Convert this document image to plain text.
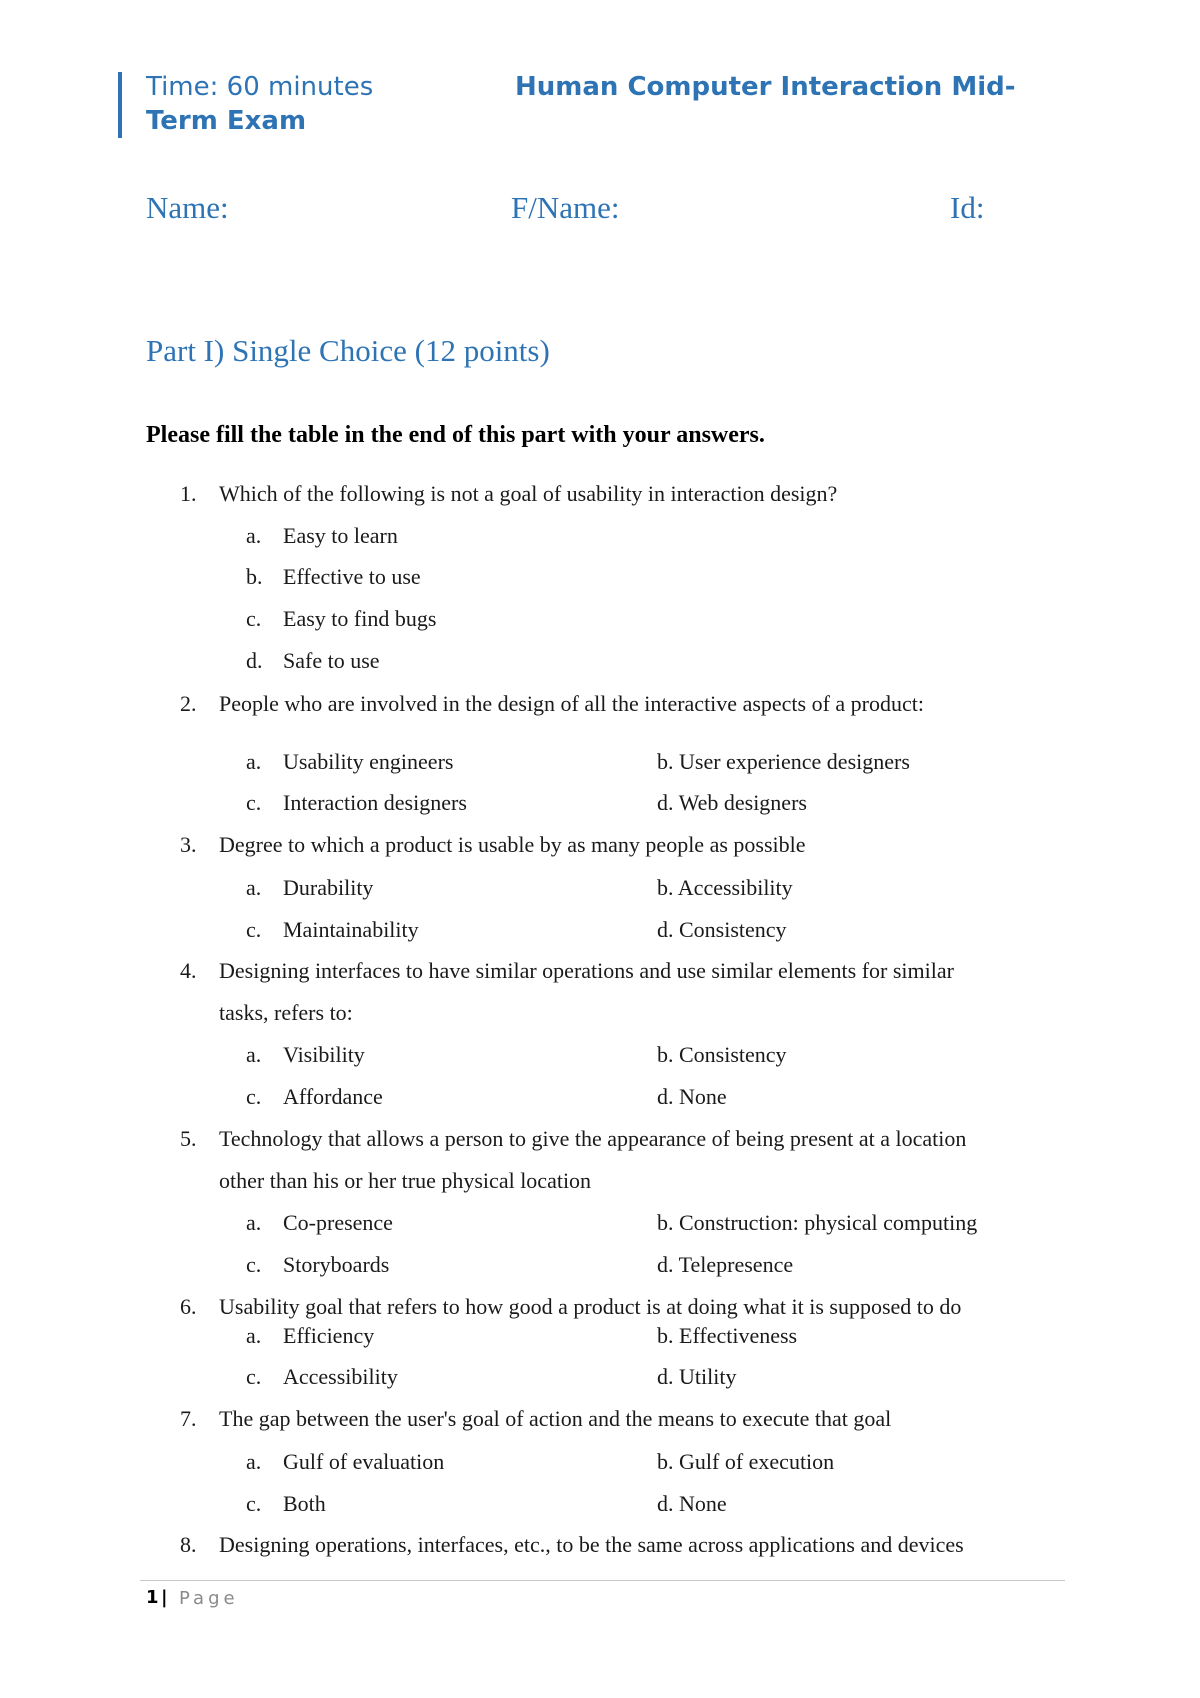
Time: 60 minutes	Human Computer Interaction Mid-
Term Exam
Name:	F/Name:	Id:
Part I) Single Choice (12 points)
Please fill the table in the end of this part with your answers.
1. Which of the following is not a goal of usability in interaction design?
a. Easy to learn
b. Effective to use
c. Easy to find bugs
d. Safe to use
2. People who are involved in the design of all the interactive aspects of a product:
a. Usability engineers	b. User experience designers
c. Interaction designers	d. Web designers
3. Degree to which a product is usable by as many people as possible
a. Durability	b. Accessibility
c. Maintainability	d. Consistency
4. Designing interfaces to have similar operations and use similar elements for similar
tasks, refers to:
a. Visibility	b. Consistency
c. Affordance	d. None
5. Technology that allows a person to give the appearance of being present at a location
other than his or her true physical location
a. Co-presence	b. Construction: physical computing
c. Storyboards	d. Telepresence
6. Usability goal that refers to how good a product is at doing what it is supposed to do
a. Efficiency	b. Effectiveness
c. Accessibility	d. Utility
7. The gap between the user's goal of action and the means to execute that goal
a. Gulf of evaluation	b. Gulf of execution
c. Both	d. None
8. Designing operations, interfaces, etc., to be the same across applications and devices
1 | Page
